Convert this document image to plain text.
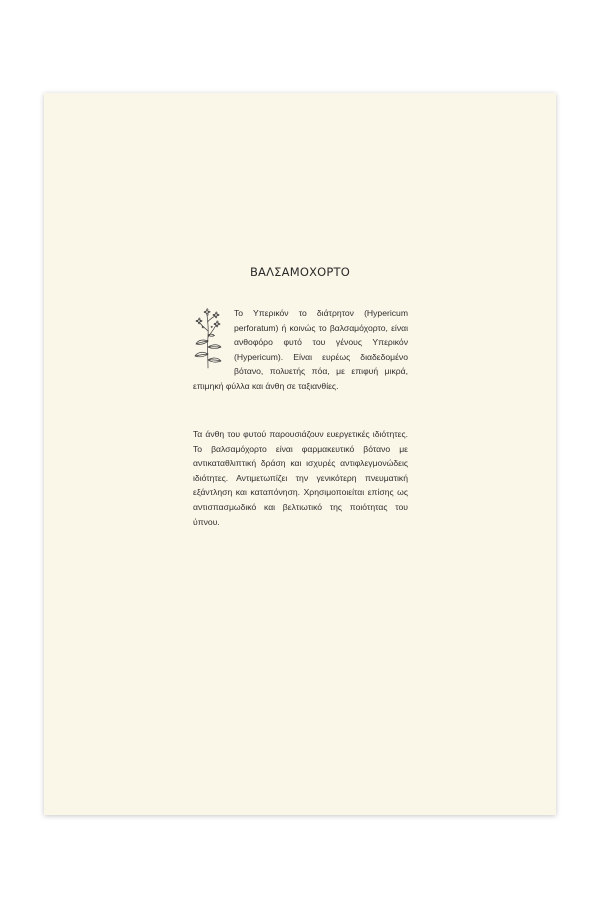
ΒΑΛΣΑΜΟΧΟΡΤΟ
Το Υπερικόν το διάτρητον (Hypericum perforatum) ή κοινώς το βαλσαμόχορτο, είναι ανθοφόρο φυτό του γένους Υπερικόν (Hypericum). Είναι ευρέως διαδεδομένο βότανο, πολυετής πόα, με επιφυή μικρά, επιμηκή φύλλα και άνθη σε ταξιανθίες.

Τα άνθη του φυτού παρουσιάζουν ευεργετικές ιδιότητες. Το βαλσαμόχορτο είναι φαρμακευτικό βότανο με αντικαταθλιπτική δράση και ισχυρές αντιφλεγμονώδεις ιδιότητες. Αντιμετωπίζει την γενικότερη πνευματική εξάντληση και καταπόνηση. Χρησιμοποιείται επίσης ως αντισπασμωδικό και βελτιωτικό της ποιότητας του ύπνου.
